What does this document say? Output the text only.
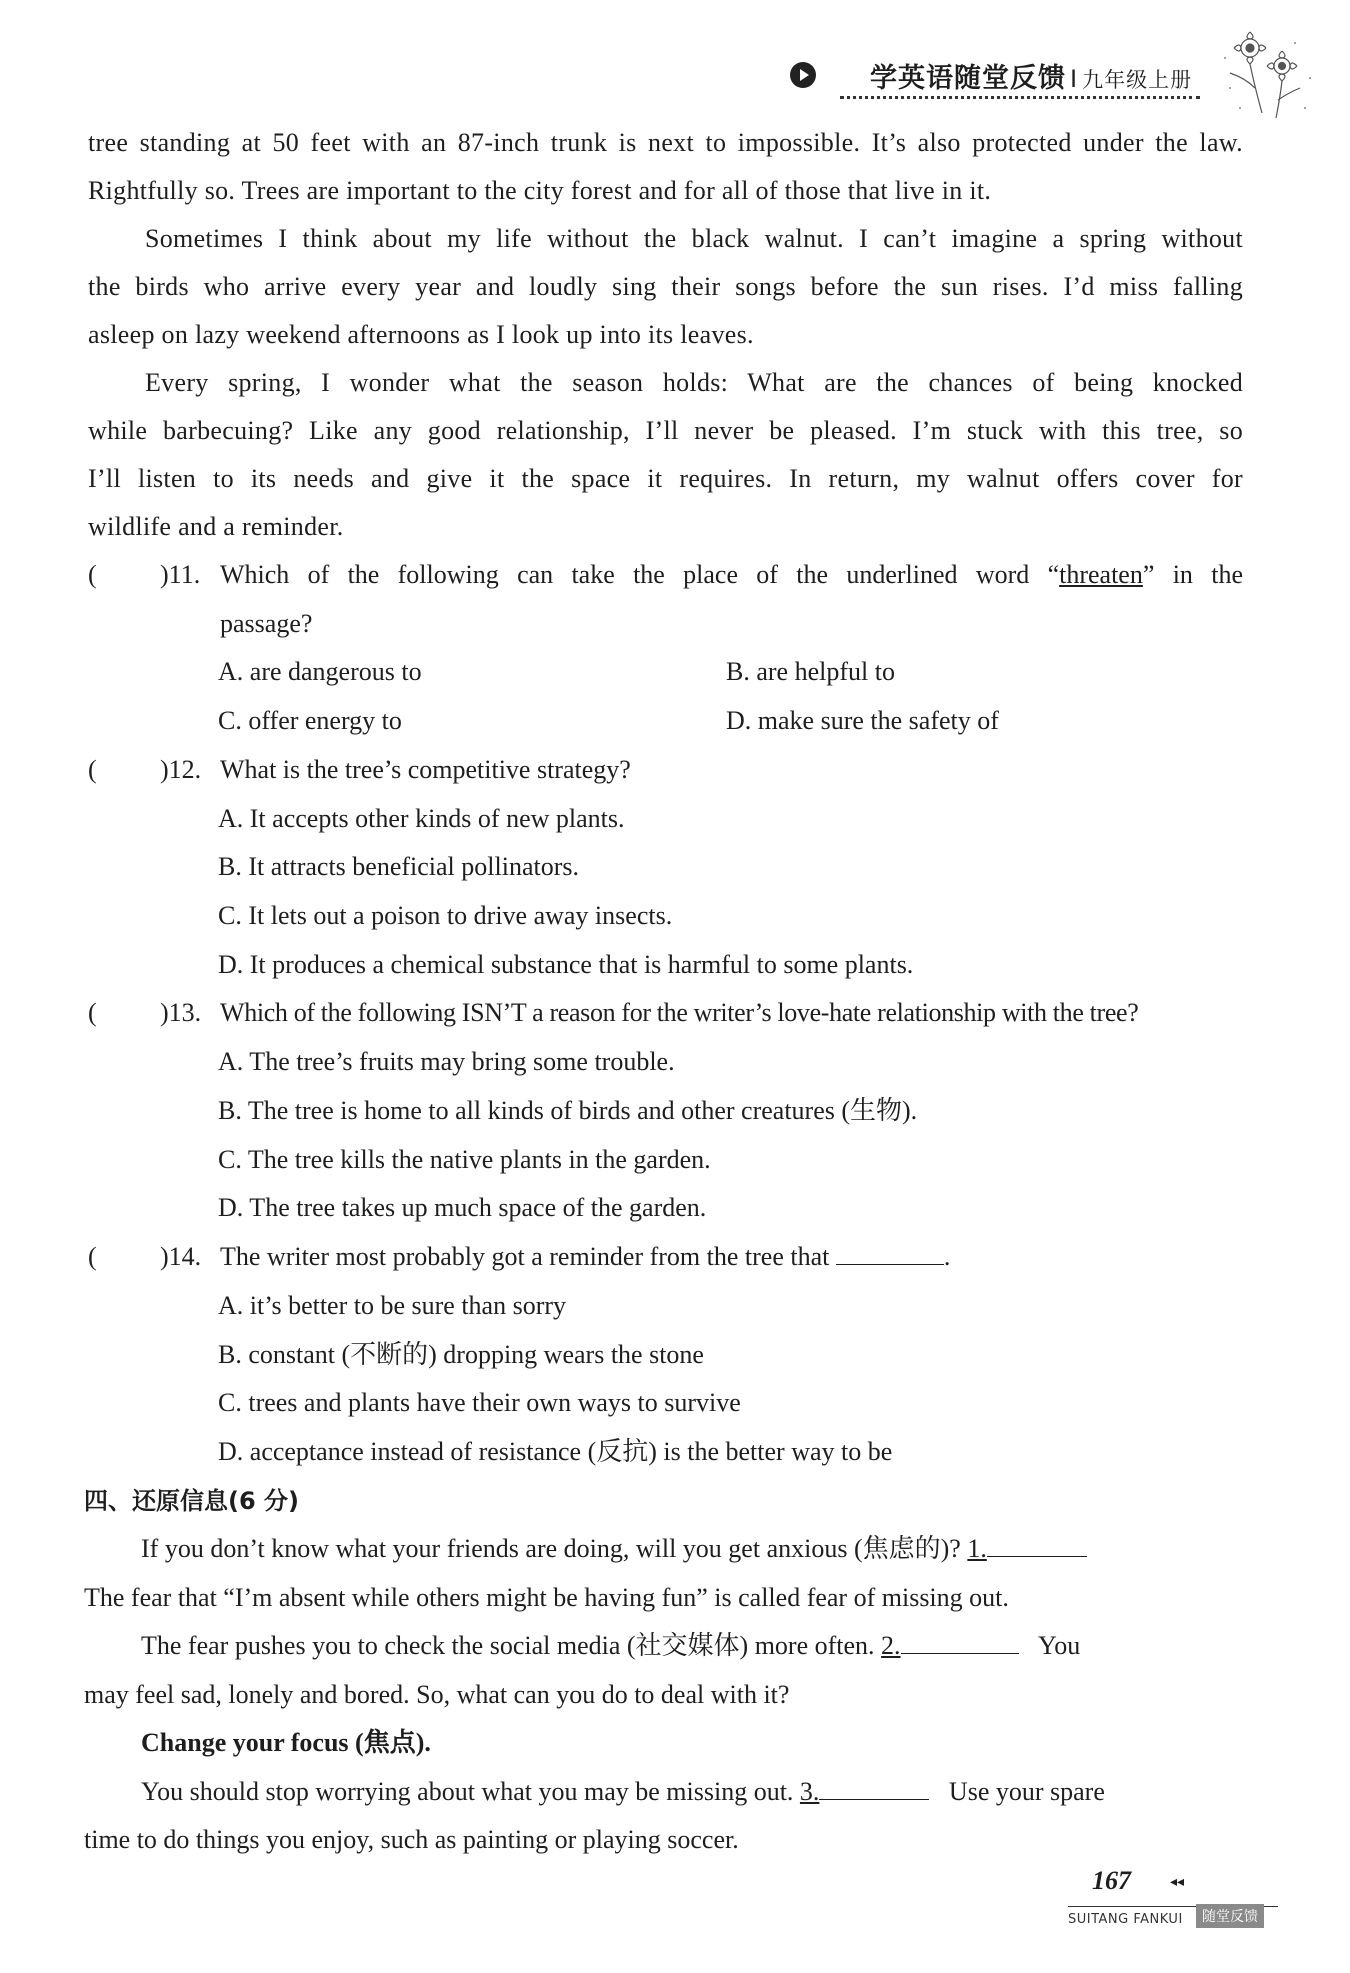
学英语随堂反馈 I 九年级上册
tree standing at 50 feet with an 87-inch trunk is next to impossible. It’s also protected under the law.
Rightfully so. Trees are important to the city forest and for all of those that live in it.
Sometimes I think about my life without the black walnut. I can’t imagine a spring without
the birds who arrive every year and loudly sing their songs before the sun rises. I’d miss falling
asleep on lazy weekend afternoons as I look up into its leaves.
Every spring, I wonder what the season holds: What are the chances of being knocked
while barbecuing? Like any good relationship, I’ll never be pleased. I’m stuck with this tree, so
I’ll listen to its needs and give it the space it requires. In return, my walnut offers cover for
wildlife and a reminder.
( )11. Which of the following can take the place of the underlined word “threaten” in the
passage?
A. are dangerous to	B. are helpful to
C. offer energy to	D. make sure the safety of
( )12. What is the tree’s competitive strategy?
A. It accepts other kinds of new plants.
B. It attracts beneficial pollinators.
C. It lets out a poison to drive away insects.
D. It produces a chemical substance that is harmful to some plants.
( )13. Which of the following ISN’T a reason for the writer’s love-hate relationship with the tree?
A. The tree’s fruits may bring some trouble.
B. The tree is home to all kinds of birds and other creatures (生物).
C. The tree kills the native plants in the garden.
D. The tree takes up much space of the garden.
( )14. The writer most probably got a reminder from the tree that	.
A. it’s better to be sure than sorry
B. constant (不断的) dropping wears the stone
C. trees and plants have their own ways to survive
D. acceptance instead of resistance (反抗) is the better way to be
四、还原信息(6 分)
If you don’t know what your friends are doing, will you get anxious (焦虑的)? 1.
The fear that “I’m absent while others might be having fun” is called fear of missing out.
The fear pushes you to check the social media (社交媒体) more often. 2.	You
may feel sad, lonely and bored. So, what can you do to deal with it?
Change your focus (焦点).
You should stop worrying about what you may be missing out. 3.	Use your spare
time to do things you enjoy, such as painting or playing soccer.
167	◂◂
SUITANG FANKUI	随堂反馈
